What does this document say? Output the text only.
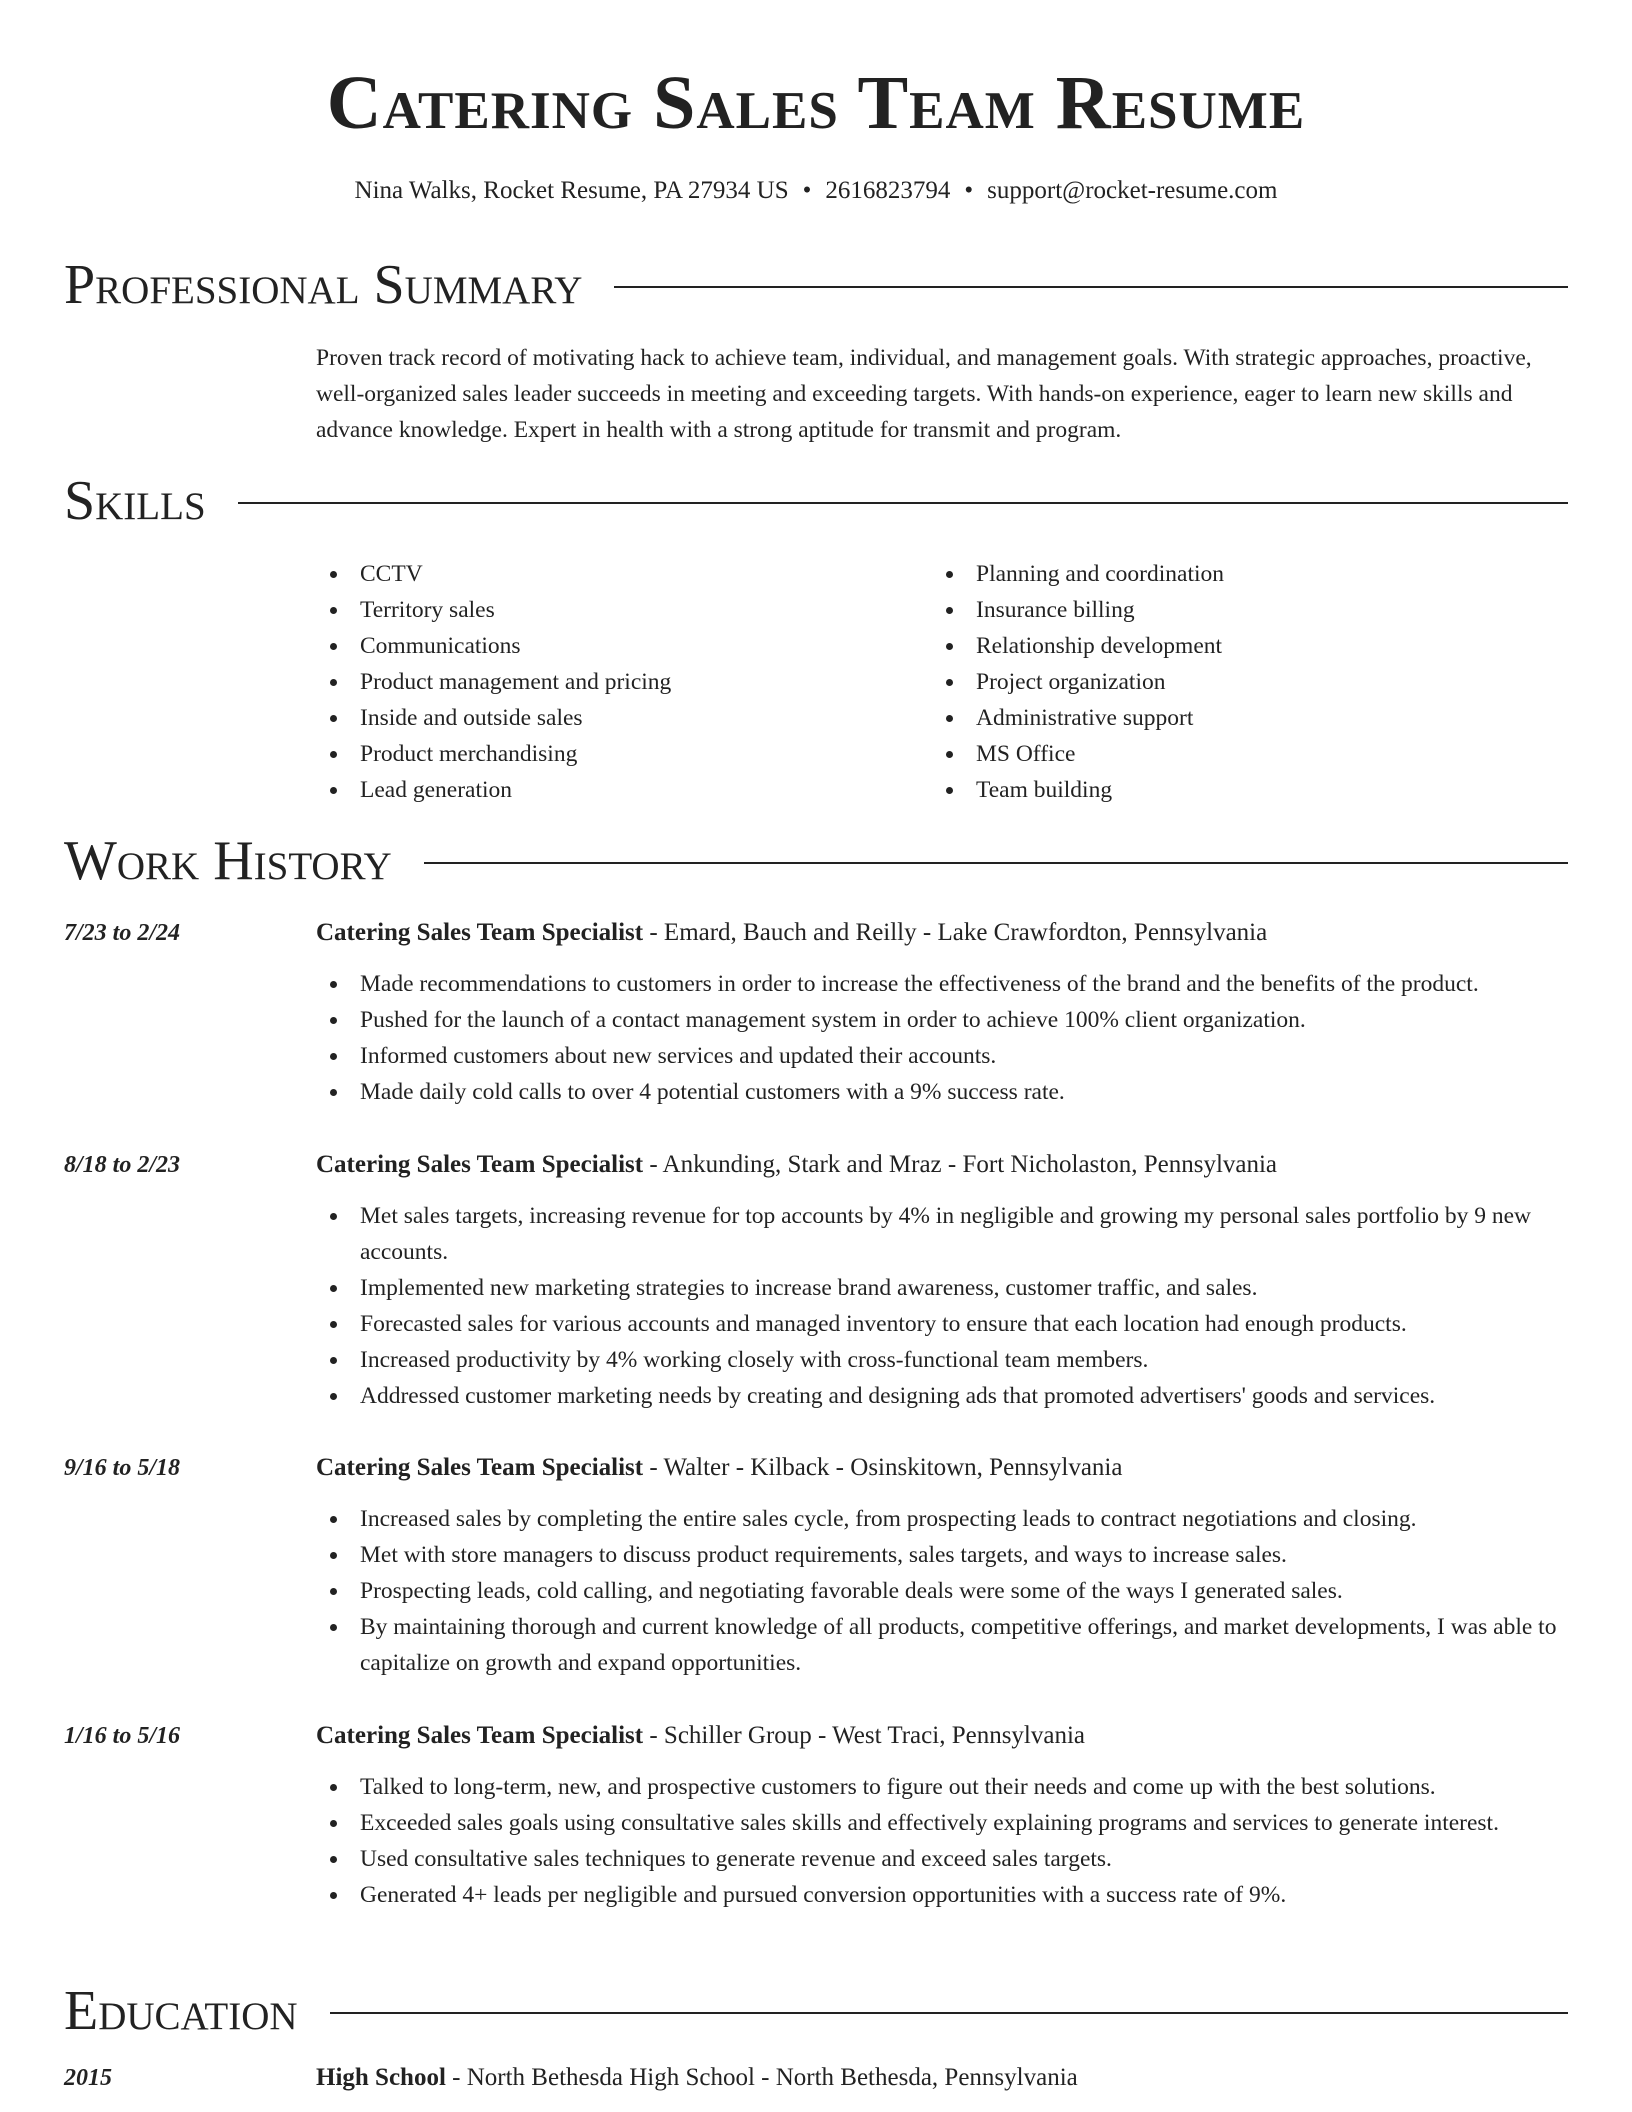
Catering Sales Team Resume
Nina Walks, Rocket Resume, PA 27934 US • 2616823794 • support@rocket-resume.com
Professional Summary

Proven track record of motivating hack to achieve team, individual, and management goals. With strategic approaches, proactive, well-organized sales leader succeeds in meeting and exceeding targets. With hands-on experience, eager to learn new skills and advance knowledge. Expert in health with a strong aptitude for transmit and program.

Skills
CCTV
Territory sales
Communications
Product management and pricing
Inside and outside sales
Product merchandising
Lead generation
Planning and coordination
Insurance billing
Relationship development
Project organization
Administrative support
MS Office
Team building
Work History
7/23 to 2/24	Catering Sales Team Specialist - Emard, Bauch and Reilly - Lake Crawfordton, Pennsylvania
Made recommendations to customers in order to increase the effectiveness of the brand and the benefits of the product.
Pushed for the launch of a contact management system in order to achieve 100% client organization.
Informed customers about new services and updated their accounts.
Made daily cold calls to over 4 potential customers with a 9% success rate.
8/18 to 2/23	Catering Sales Team Specialist - Ankunding, Stark and Mraz - Fort Nicholaston, Pennsylvania
Met sales targets, increasing revenue for top accounts by 4% in negligible and growing my personal sales portfolio by 9 new accounts.
Implemented new marketing strategies to increase brand awareness, customer traffic, and sales.
Forecasted sales for various accounts and managed inventory to ensure that each location had enough products.
Increased productivity by 4% working closely with cross-functional team members.
Addressed customer marketing needs by creating and designing ads that promoted advertisers' goods and services.
9/16 to 5/18	Catering Sales Team Specialist - Walter - Kilback - Osinskitown, Pennsylvania
Increased sales by completing the entire sales cycle, from prospecting leads to contract negotiations and closing.
Met with store managers to discuss product requirements, sales targets, and ways to increase sales.
Prospecting leads, cold calling, and negotiating favorable deals were some of the ways I generated sales.
By maintaining thorough and current knowledge of all products, competitive offerings, and market developments, I was able to capitalize on growth and expand opportunities.
1/16 to 5/16	Catering Sales Team Specialist - Schiller Group - West Traci, Pennsylvania
Talked to long-term, new, and prospective customers to figure out their needs and come up with the best solutions.
Exceeded sales goals using consultative sales skills and effectively explaining programs and services to generate interest.
Used consultative sales techniques to generate revenue and exceed sales targets.
Generated 4+ leads per negligible and pursued conversion opportunities with a success rate of 9%.
Education
2015	High School - North Bethesda High School - North Bethesda, Pennsylvania
